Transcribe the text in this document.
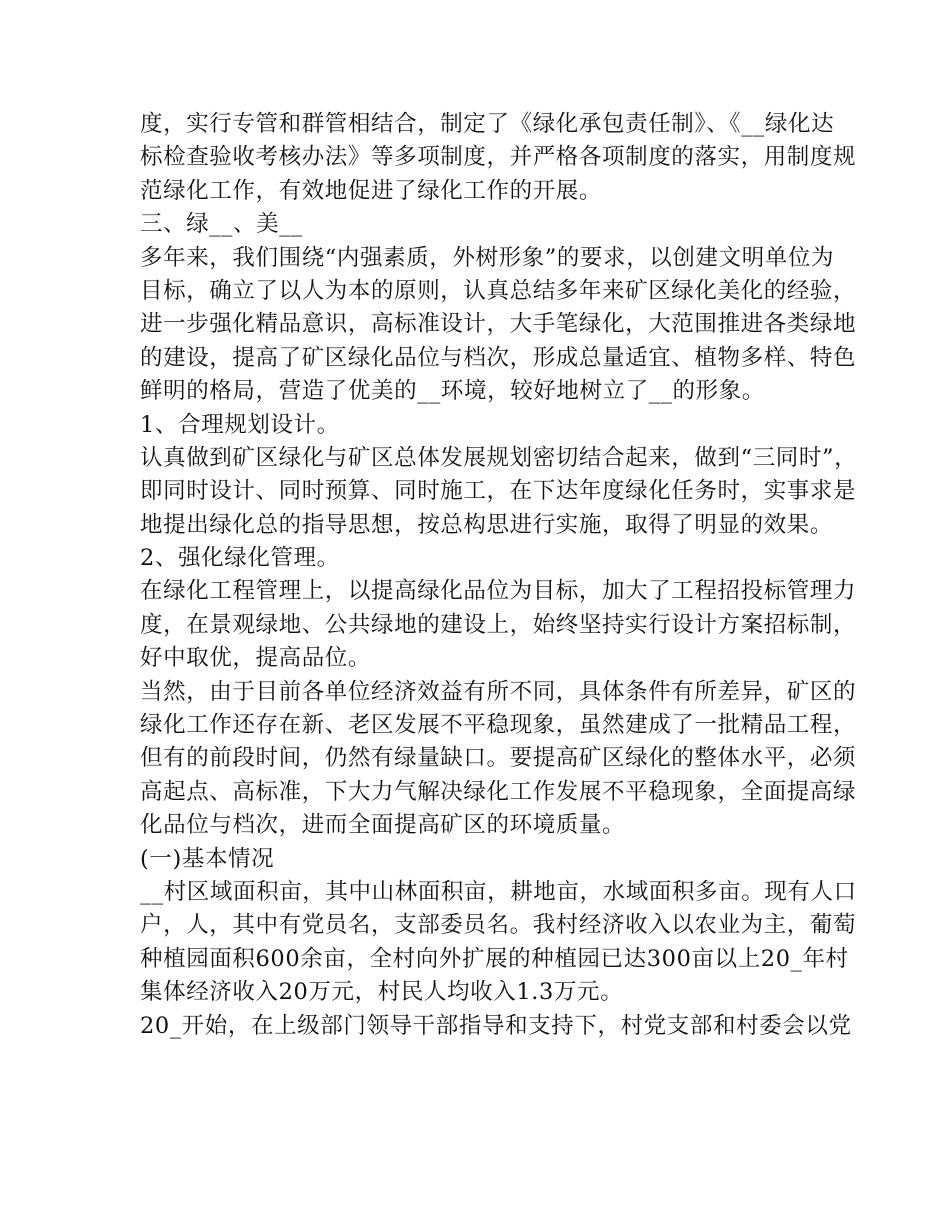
度，实行专管和群管相结合，制定了《绿化承包责任制》、《__绿化达
标检查验收考核办法》等多项制度，并严格各项制度的落实，用制度规
范绿化工作，有效地促进了绿化工作的开展。
三、绿__、美__
多年来，我们围绕“内强素质，外树形象”的要求，以创建文明单位为
目标，确立了以人为本的原则，认真总结多年来矿区绿化美化的经验，
进一步强化精品意识，高标准设计，大手笔绿化，大范围推进各类绿地
的建设，提高了矿区绿化品位与档次，形成总量适宜、植物多样、特色
鲜明的格局，营造了优美的__环境，较好地树立了__的形象。
1、合理规划设计。
认真做到矿区绿化与矿区总体发展规划密切结合起来，做到“三同时”，
即同时设计、同时预算、同时施工，在下达年度绿化任务时，实事求是
地提出绿化总的指导思想，按总构思进行实施，取得了明显的效果。
2、强化绿化管理。
在绿化工程管理上，以提高绿化品位为目标，加大了工程招投标管理力
度，在景观绿地、公共绿地的建设上，始终坚持实行设计方案招标制，
好中取优，提高品位。
当然，由于目前各单位经济效益有所不同，具体条件有所差异，矿区的
绿化工作还存在新、老区发展不平稳现象，虽然建成了一批精品工程，
但有的前段时间，仍然有绿量缺口。要提高矿区绿化的整体水平，必须
高起点、高标准，下大力气解决绿化工作发展不平稳现象，全面提高绿
化品位与档次，进而全面提高矿区的环境质量。
(一)基本情况
__村区域面积亩，其中山林面积亩，耕地亩，水域面积多亩。现有人口
户，人，其中有党员名，支部委员名。我村经济收入以农业为主，葡萄
种植园面积600余亩，全村向外扩展的种植园已达300亩以上20_年村
集体经济收入20万元，村民人均收入1.3万元。
20_开始，在上级部门领导干部指导和支持下，村党支部和村委会以党
